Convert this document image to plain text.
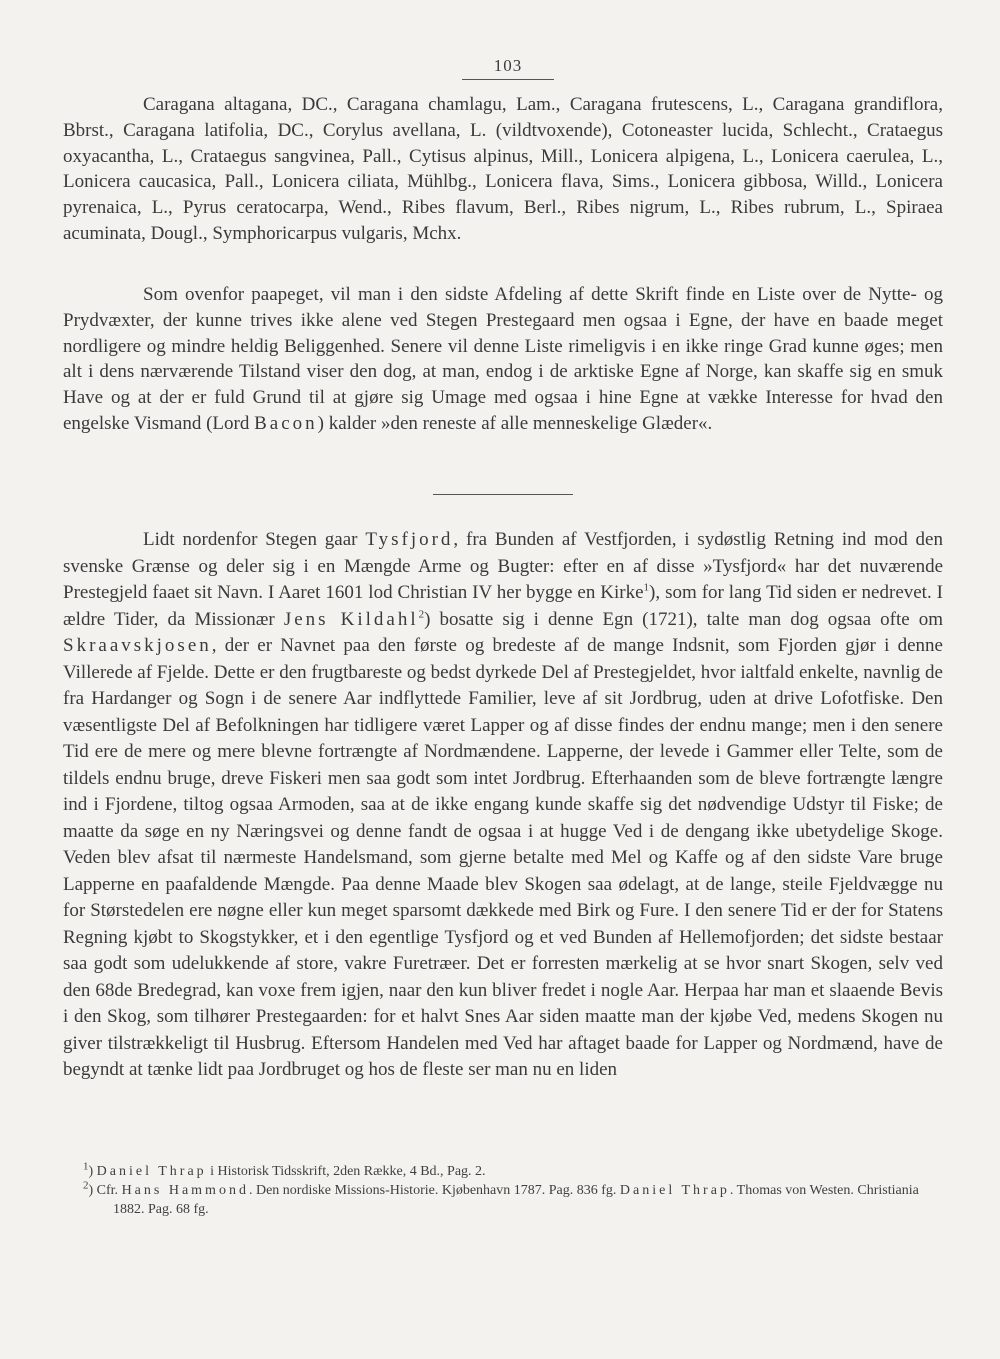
103

Caragana altagana, DC., Caragana chamlagu, Lam., Caragana frutescens, L., Caragana grandiflora, Bbrst., Caragana latifolia, DC., Corylus avellana, L. (vildtvoxende), Cotoneaster lucida, Schlecht., Crataegus oxyacantha, L., Crataegus sangvinea, Pall., Cytisus alpinus, Mill., Lonicera alpigena, L., Lonicera caerulea, L., Lonicera caucasica, Pall., Lonicera ciliata, Mühlbg., Lonicera flava, Sims., Lonicera gibbosa, Willd., Lonicera pyrenaica, L., Pyrus ceratocarpa, Wend., Ribes flavum, Berl., Ribes nigrum, L., Ribes rubrum, L., Spiraea acuminata, Dougl., Symphoricarpus vulgaris, Mchx.

Som ovenfor paapeget, vil man i den sidste Afdeling af dette Skrift finde en Liste over de Nytte- og Prydvæxter, der kunne trives ikke alene ved Stegen Prestegaard men ogsaa i Egne, der have en baade meget nordligere og mindre heldig Beliggenhed. Senere vil denne Liste rimeligvis i en ikke ringe Grad kunne øges; men alt i dens nærværende Tilstand viser den dog, at man, endog i de arktiske Egne af Norge, kan skaffe sig en smuk Have og at der er fuld Grund til at gjøre sig Umage med ogsaa i hine Egne at vække Interesse for hvad den engelske Vismand (Lord Bacon) kalder »den reneste af alle menneskelige Glæder«.

Lidt nordenfor Stegen gaar Tysfjord, fra Bunden af Vestfjorden, i sydøstlig Retning ind mod den svenske Grænse og deler sig i en Mængde Arme og Bugter: efter en af disse »Tysfjord« har det nuværende Prestegjeld faaet sit Navn. I Aaret 1601 lod Christian IV her bygge en Kirke$^1$), som for lang Tid siden er nedrevet. I ældre Tider, da Missionær Jens Kildahl$^2$) bosatte sig i denne Egn (1721), talte man dog ogsaa ofte om Skraavskjosen, der er Navnet paa den første og bredeste af de mange Indsnit, som Fjorden gjør i denne Villerede af Fjelde. Dette er den frugtbareste og bedst dyrkede Del af Prestegjeldet, hvor ialtfald enkelte, navnlig de fra Hardanger og Sogn i de senere Aar indflyttede Familier, leve af sit Jordbrug, uden at drive Lofotfiske. Den væsentligste Del af Befolkningen har tidligere været Lapper og af disse findes der endnu mange; men i den senere Tid ere de mere og mere blevne fortrængte af Nordmændene. Lapperne, der levede i Gammer eller Telte, som de tildels endnu bruge, dreve Fiskeri men saa godt som intet Jordbrug. Efterhaanden som de bleve fortrængte længre ind i Fjordene, tiltog ogsaa Armoden, saa at de ikke engang kunde skaffe sig det nødvendige Udstyr til Fiske; de maatte da søge en ny Næringsvei og denne fandt de ogsaa i at hugge Ved i de dengang ikke ubetydelige Skoge. Veden blev afsat til nærmeste Handelsmand, som gjerne betalte med Mel og Kaffe og af den sidste Vare bruge Lapperne en paafaldende Mængde. Paa denne Maade blev Skogen saa ødelagt, at de lange, steile Fjeldvægge nu for Størstedelen ere nøgne eller kun meget sparsomt dækkede med Birk og Fure. I den senere Tid er der for Statens Regning kjøbt to Skogstykker, et i den egentlige Tysfjord og et ved Bunden af Hellemofjorden; det sidste bestaar saa godt som udelukkende af store, vakre Furetræer. Det er forresten mærkelig at se hvor snart Skogen, selv ved den 68de Bredegrad, kan voxe frem igjen, naar den kun bliver fredet i nogle Aar. Herpaa har man et slaaende Bevis i den Skog, som tilhører Prestegaarden: for et halvt Snes Aar siden maatte man der kjøbe Ved, medens Skogen nu giver tilstrækkeligt til Husbrug. Eftersom Handelen med Ved har aftaget baade for Lapper og Nordmænd, have de begyndt at tænke lidt paa Jordbruget og hos de fleste ser man nu en liden

$^1$) Daniel Thrap i Historisk Tidsskrift, 2den Række, 4 Bd., Pag. 2.

$^2$) Cfr. Hans Hammond. Den nordiske Missions-Historie. Kjøbenhavn 1787. Pag. 836 fg. Daniel Thrap. Thomas von Westen. Christiania 1882. Pag. 68 fg.
